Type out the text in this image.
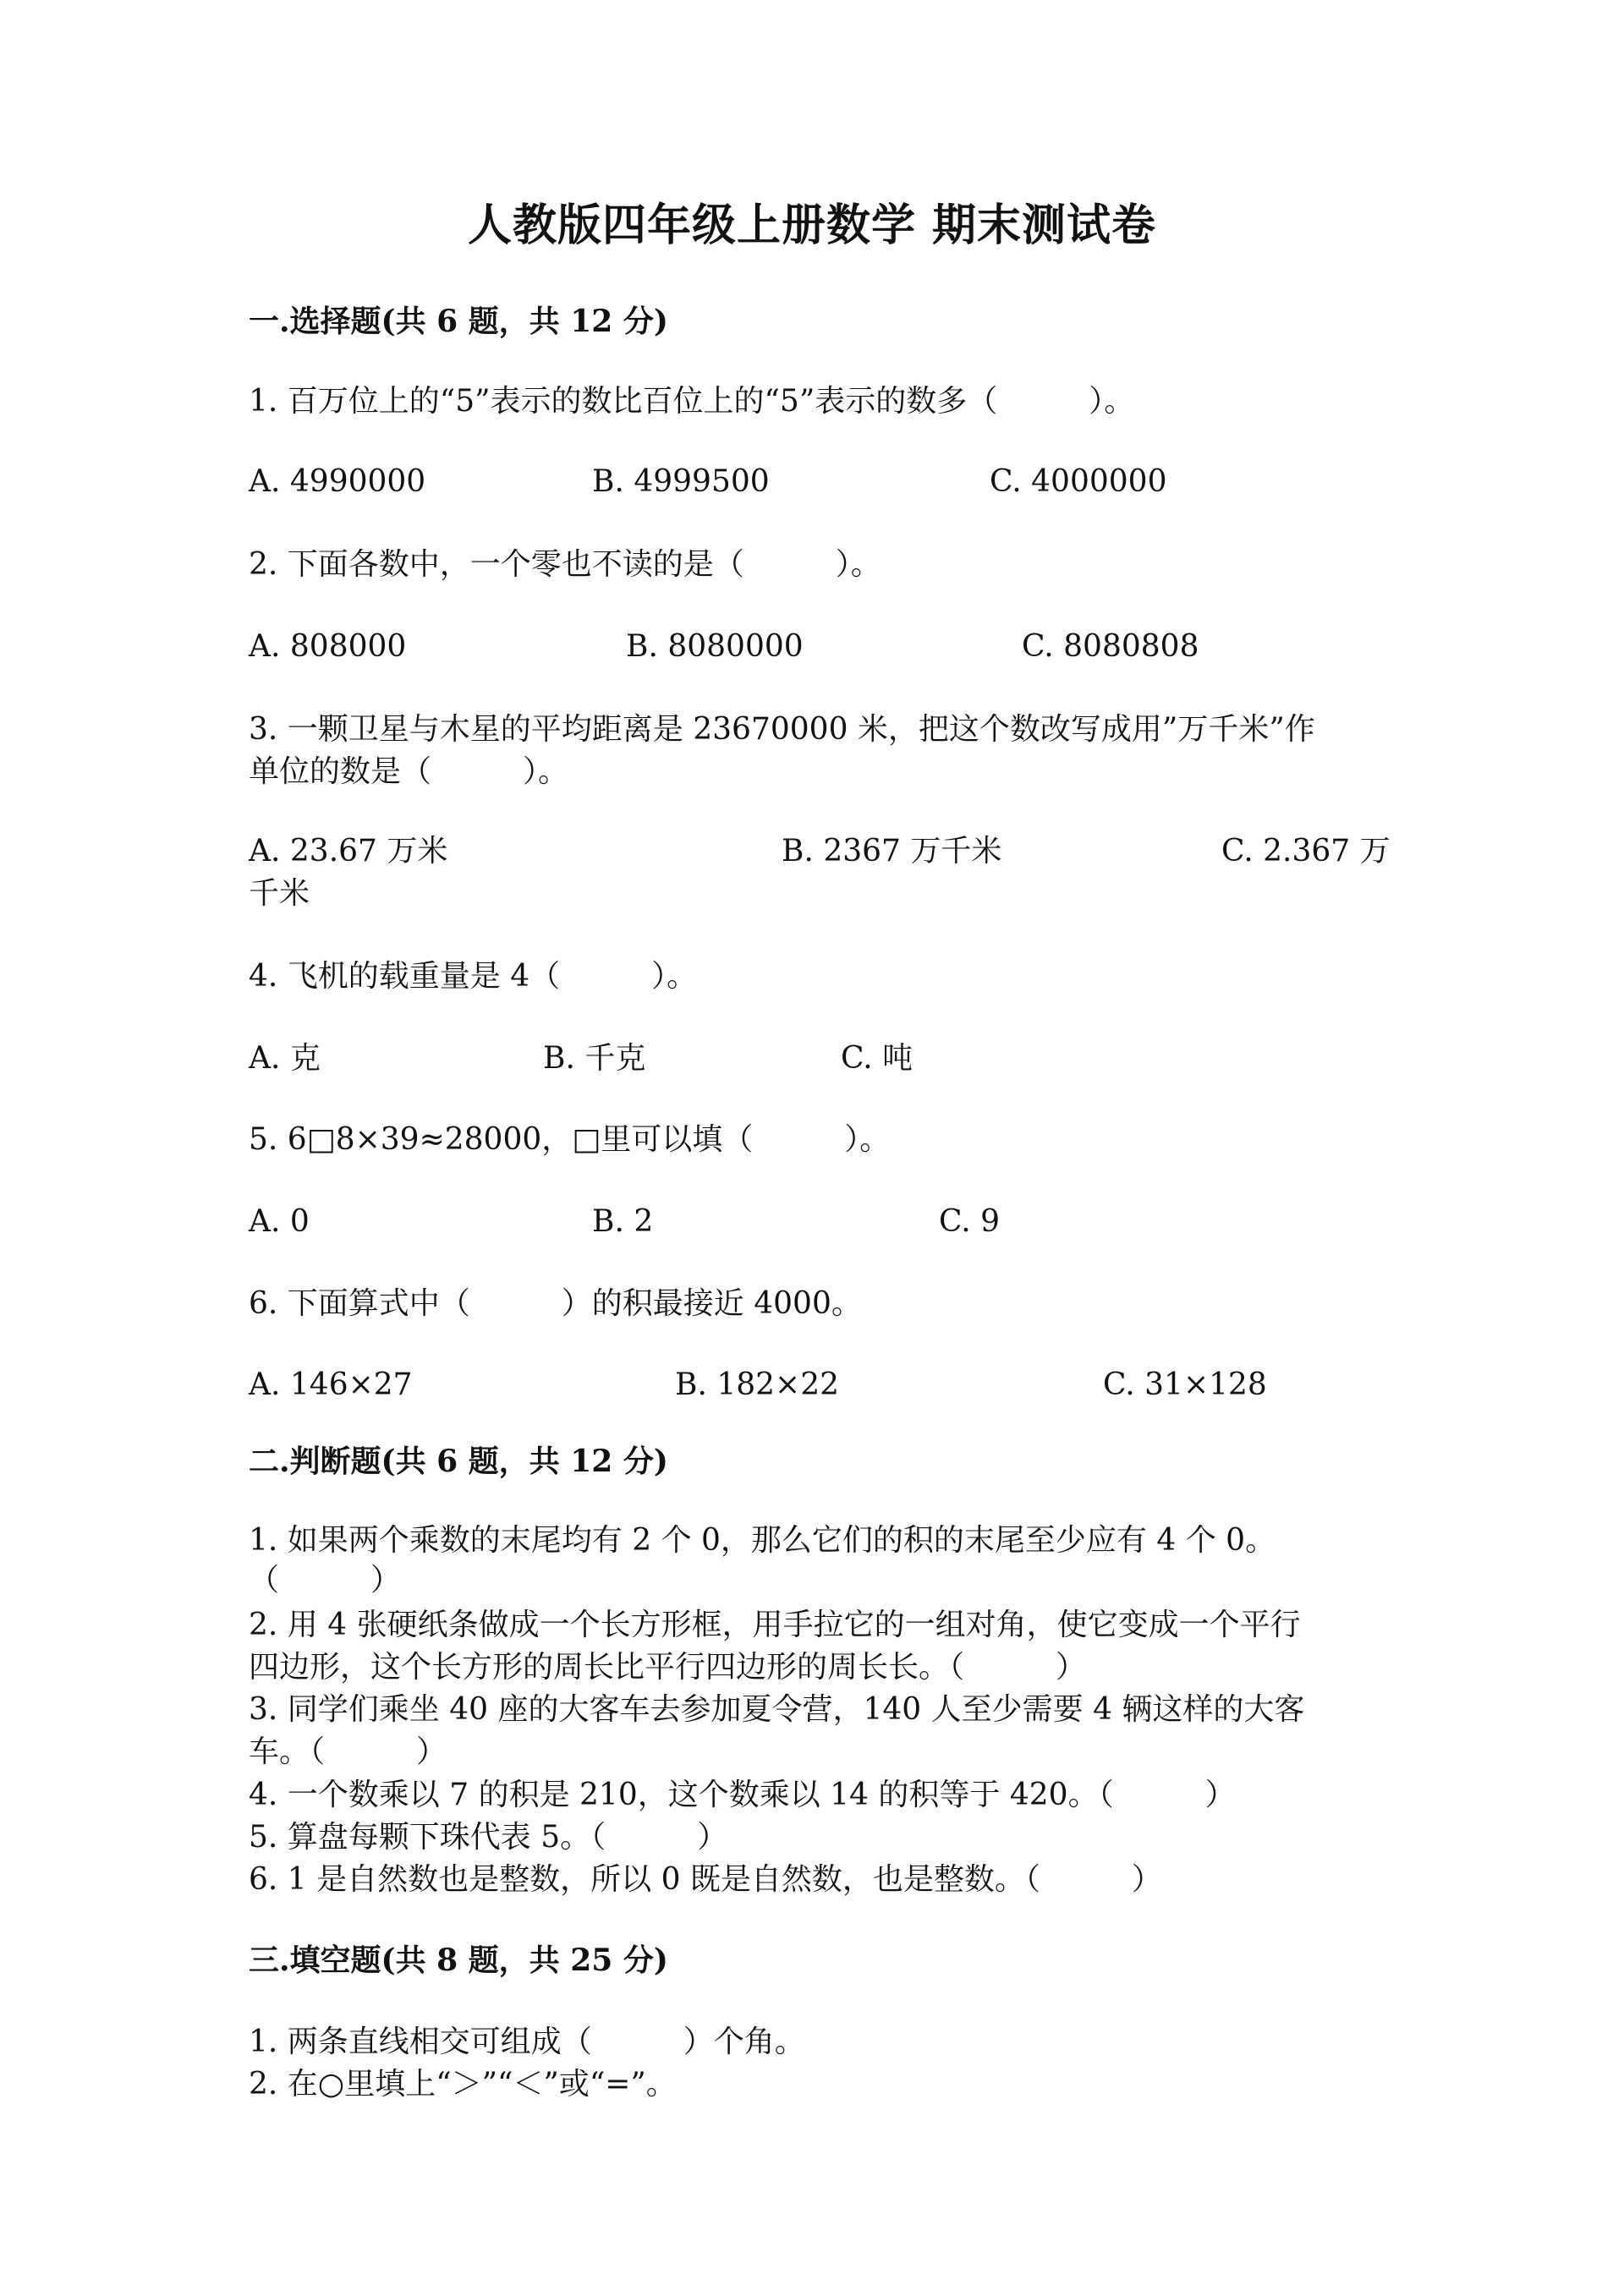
人教版四年级上册数学 期末测试卷
一.选择题(共 6 题，共 12 分)
1. 百万位上的“5”表示的数比百位上的“5”表示的数多（　　　）。
A. 4990000	B. 4999500	C. 4000000
2. 下面各数中，一个零也不读的是（　　　）。
A. 808000	B. 8080000	C. 8080808
3. 一颗卫星与木星的平均距离是 23670000 米，把这个数改写成用”万千米”作
单位的数是（　　　）。
A. 23.67 万米	B. 2367 万千米	C. 2.367 万
千米
4. 飞机的载重量是 4（　　　）。
A. 克	B. 千克	C. 吨
5. 6□8×39≈28000，□里可以填（　　　）。
A. 0	B. 2	C. 9
6. 下面算式中（　　　）的积最接近 4000。
A. 146×27	B. 182×22	C. 31×128
二.判断题(共 6 题，共 12 分)
1. 如果两个乘数的末尾均有 2 个 0，那么它们的积的末尾至少应有 4 个 0。
（　　　）
2. 用 4 张硬纸条做成一个长方形框，用手拉它的一组对角，使它变成一个平行
四边形，这个长方形的周长比平行四边形的周长长。（　　　）
3. 同学们乘坐 40 座的大客车去参加夏令营，140 人至少需要 4 辆这样的大客
车。（　　　）
4. 一个数乘以 7 的积是 210，这个数乘以 14 的积等于 420。（　　　）
5. 算盘每颗下珠代表 5。（　　　）
6. 1 是自然数也是整数，所以 0 既是自然数，也是整数。（　　　）
三.填空题(共 8 题，共 25 分)
1. 两条直线相交可组成（　　　）个角。
2. 在○里填上“＞”“＜”或“=”。
